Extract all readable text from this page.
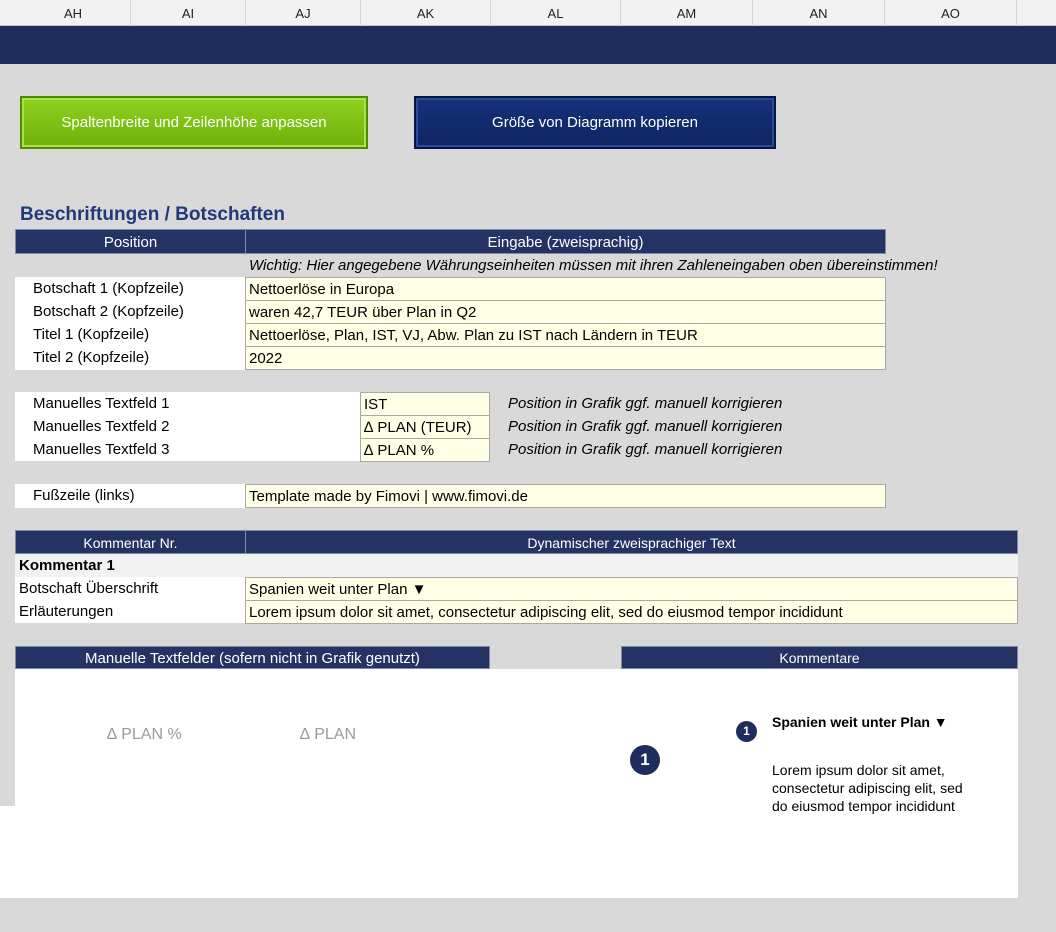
AH	AI	AJ	AK	AL	AM	AN	AO
Spaltenbreite und Zeilenhöhe anpassen	Größe von Diagramm kopieren
Beschriftungen / Botschaften
Position	Eingabe (zweisprachig)
Wichtig: Hier angegebene Währungseinheiten müssen mit ihren Zahleneingaben oben übereinstimmen!
Botschaft 1 (Kopfzeile)	Nettoerlöse in Europa
Botschaft 2 (Kopfzeile)	waren 42,7 TEUR über Plan in Q2
Titel 1 (Kopfzeile)	Nettoerlöse, Plan, IST, VJ, Abw. Plan zu IST nach Ländern in TEUR
Titel 2 (Kopfzeile)	2022
Manuelles Textfeld 1	IST	Position in Grafik ggf. manuell korrigieren
Manuelles Textfeld 2	∆ PLAN (TEUR)	Position in Grafik ggf. manuell korrigieren
Manuelles Textfeld 3	∆ PLAN %	Position in Grafik ggf. manuell korrigieren
Fußzeile (links)	Template made by Fimovi | www.fimovi.de
Kommentar Nr.	Dynamischer zweisprachiger Text
Kommentar 1
Botschaft Überschrift	Spanien weit unter Plan ▼
Erläuterungen	Lorem ipsum dolor sit amet, consectetur adipiscing elit, sed do eiusmod tempor incididunt
Manuelle Textfelder (sofern nicht in Grafik genutzt)	Kommentare
∆ PLAN %	∆ PLAN
1
1
Spanien weit unter Plan ▼
Lorem ipsum dolor sit amet, consectetur adipiscing elit, sed do eiusmod tempor incididunt
